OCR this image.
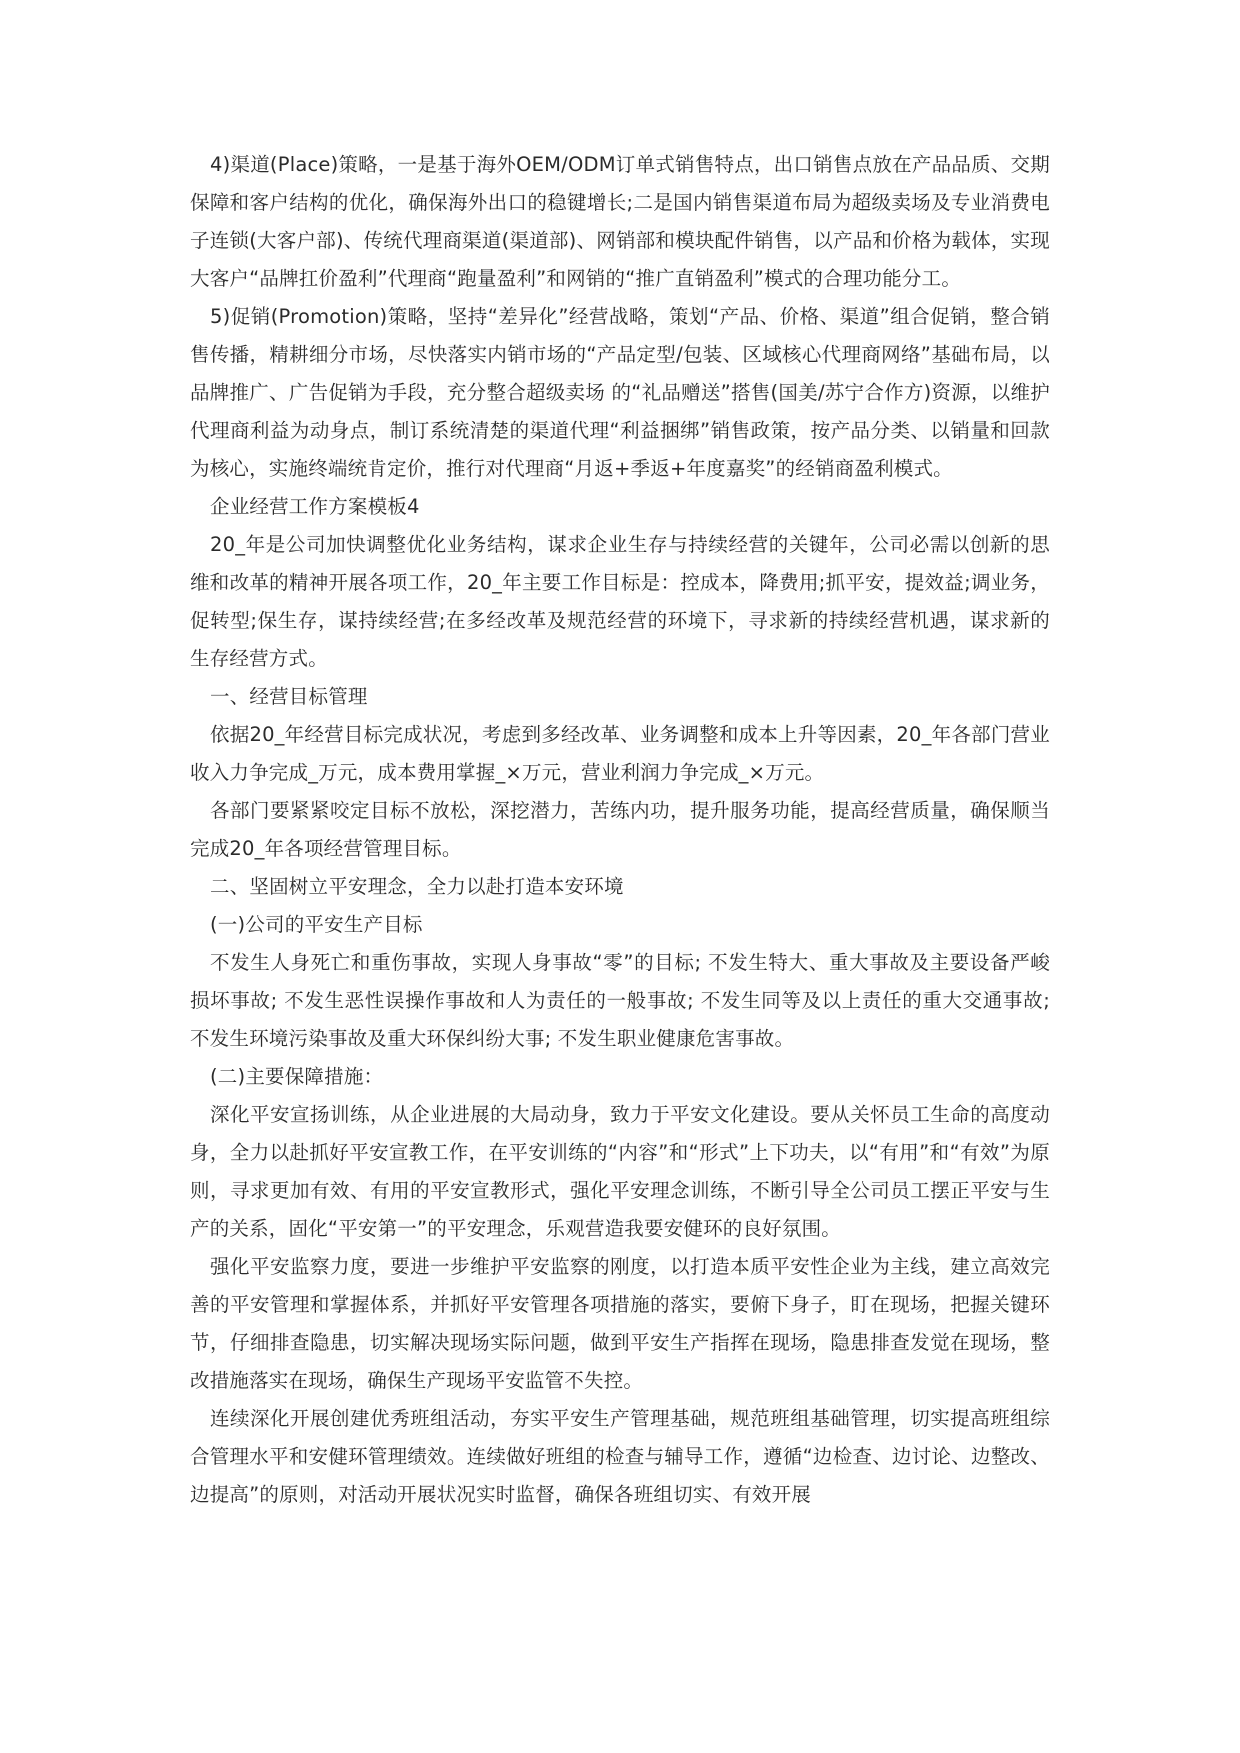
4)渠道(Place)策略，一是基于海外OEM/ODM订单式销售特点，出口销售点放在产品品质、交期保障和客户结构的优化，确保海外出口的稳键增长;二是国内销售渠道布局为超级卖场及专业消费电子连锁(大客户部)、传统代理商渠道(渠道部)、网销部和模块配件销售，以产品和价格为载体，实现大客户“品牌扛价盈利”代理商“跑量盈利”和网销的“推广直销盈利”模式的合理功能分工。

5)促销(Promotion)策略，坚持“差异化”经营战略，策划“产品、价格、渠道”组合促销，整合销售传播，精耕细分市场，尽快落实内销市场的“产品定型/包装、区域核心代理商网络”基础布局，以品牌推广、广告促销为手段，充分整合超级卖场 的“礼品赠送”搭售(国美/苏宁合作方)资源，以维护代理商利益为动身点，制订系统清楚的渠道代理“利益捆绑”销售政策，按产品分类、以销量和回款为核心，实施终端统肯定价，推行对代理商“月返+季返+年度嘉奖”的经销商盈利模式。

企业经营工作方案模板4

20_年是公司加快调整优化业务结构，谋求企业生存与持续经营的关键年，公司必需以创新的思维和改革的精神开展各项工作，20_年主要工作目标是：控成本，降费用;抓平安，提效益;调业务，促转型;保生存，谋持续经营;在多经改革及规范经营的环境下，寻求新的持续经营机遇，谋求新的生存经营方式。

一、经营目标管理

依据20_年经营目标完成状况，考虑到多经改革、业务调整和成本上升等因素，20_年各部门营业收入力争完成_万元，成本费用掌握_×万元，营业利润力争完成_×万元。

各部门要紧紧咬定目标不放松，深挖潜力，苦练内功，提升服务功能，提高经营质量，确保顺当完成20_年各项经营管理目标。

二、坚固树立平安理念，全力以赴打造本安环境

(一)公司的平安生产目标

不发生人身死亡和重伤事故，实现人身事故“零”的目标; 不发生特大、重大事故及主要设备严峻损坏事故; 不发生恶性误操作事故和人为责任的一般事故; 不发生同等及以上责任的重大交通事故;不发生环境污染事故及重大环保纠纷大事; 不发生职业健康危害事故。

(二)主要保障措施：

深化平安宣扬训练，从企业进展的大局动身，致力于平安文化建设。要从关怀员工生命的高度动身，全力以赴抓好平安宣教工作，在平安训练的“内容”和“形式”上下功夫，以“有用”和“有效”为原则，寻求更加有效、有用的平安宣教形式，强化平安理念训练，不断引导全公司员工摆正平安与生产的关系，固化“平安第一”的平安理念，乐观营造我要安健环的良好氛围。

强化平安监察力度，要进一步维护平安监察的刚度，以打造本质平安性企业为主线，建立高效完善的平安管理和掌握体系，并抓好平安管理各项措施的落实，要俯下身子，盯在现场，把握关键环节，仔细排查隐患，切实解决现场实际问题，做到平安生产指挥在现场，隐患排查发觉在现场，整改措施落实在现场，确保生产现场平安监管不失控。

连续深化开展创建优秀班组活动，夯实平安生产管理基础，规范班组基础管理，切实提高班组综合管理水平和安健环管理绩效。连续做好班组的检查与辅导工作，遵循“边检查、边讨论、边整改、边提高”的原则，对活动开展状况实时监督，确保各班组切实、有效开展
